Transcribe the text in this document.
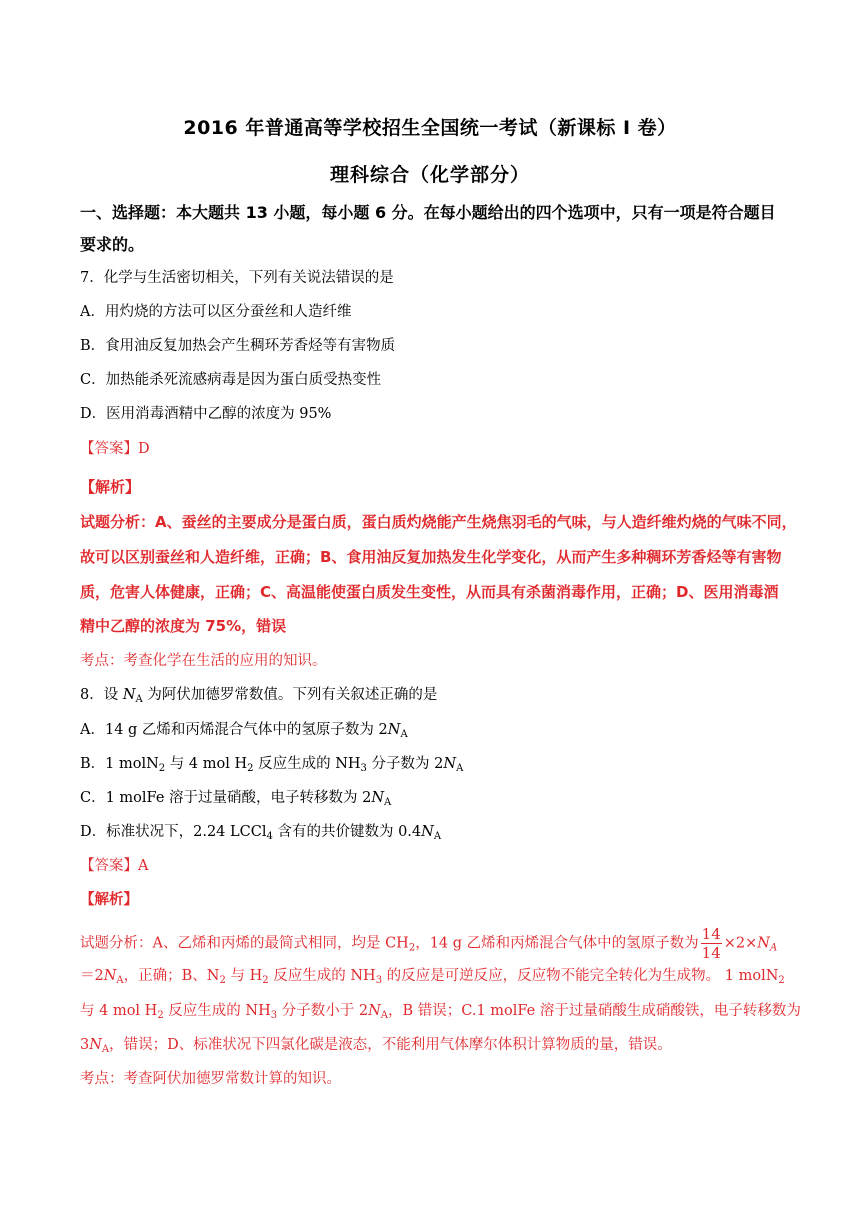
2016 年普通高等学校招生全国统一考试（新课标 I 卷）
理科综合（化学部分）
一、选择题：本大题共 13 小题，每小题 6 分。在每小题给出的四个选项中，只有一项是符合题目要求的。
7．化学与生活密切相关，下列有关说法错误的是
A．用灼烧的方法可以区分蚕丝和人造纤维
B．食用油反复加热会产生稠环芳香烃等有害物质
C．加热能杀死流感病毒是因为蛋白质受热变性
D．医用消毒酒精中乙醇的浓度为 95%
【答案】D
【解析】
试题分析：A、蚕丝的主要成分是蛋白质，蛋白质灼烧能产生烧焦羽毛的气味，与人造纤维灼烧的气味不同，
故可以区别蚕丝和人造纤维，正确；B、食用油反复加热发生化学变化，从而产生多种稠环芳香烃等有害物
质，危害人体健康，正确；C、高温能使蛋白质发生变性，从而具有杀菌消毒作用，正确；D、医用消毒酒
精中乙醇的浓度为 75%，错误
考点：考查化学在生活的应用的知识。
8．设 $N_A$ 为阿伏加德罗常数值。下列有关叙述正确的是
A．14 g 乙烯和丙烯混合气体中的氢原子数为 $2N_A$
B．1 molN$_2$ 与 4 mol $H_2$ 反应生成的 $NH_3$ 分子数为 $2N_A$
C．1 molFe 溶于过量硝酸，电子转移数为 $2N_A$
D．标准状况下，2.24 LCCl$_4$ 含有的共价键数为 $0.4N_A$
【答案】A
【解析】
试题分析：A、乙烯和丙烯的最简式相同，均是 $CH_2$，14 g 乙烯和丙烯混合气体中的氢原子数为 $\frac{14}{14} \times 2\times N_A$
$=2N_A$，正确；B、$N_2$ 与 $H_2$ 反应生成的 $NH_3$ 的反应是可逆反应，反应物不能完全转化为生成物。 1 molN$_2$
与 4 mol $H_2$ 反应生成的 $NH_3$ 分子数小于 $2N_A$，B 错误；C.1 molFe 溶于过量硝酸生成硝酸铁，电子转移数为
$3N_A$，错误；D、标准状况下四氯化碳是液态，不能利用气体摩尔体积计算物质的量，错误。
考点：考查阿伏加德罗常数计算的知识。
